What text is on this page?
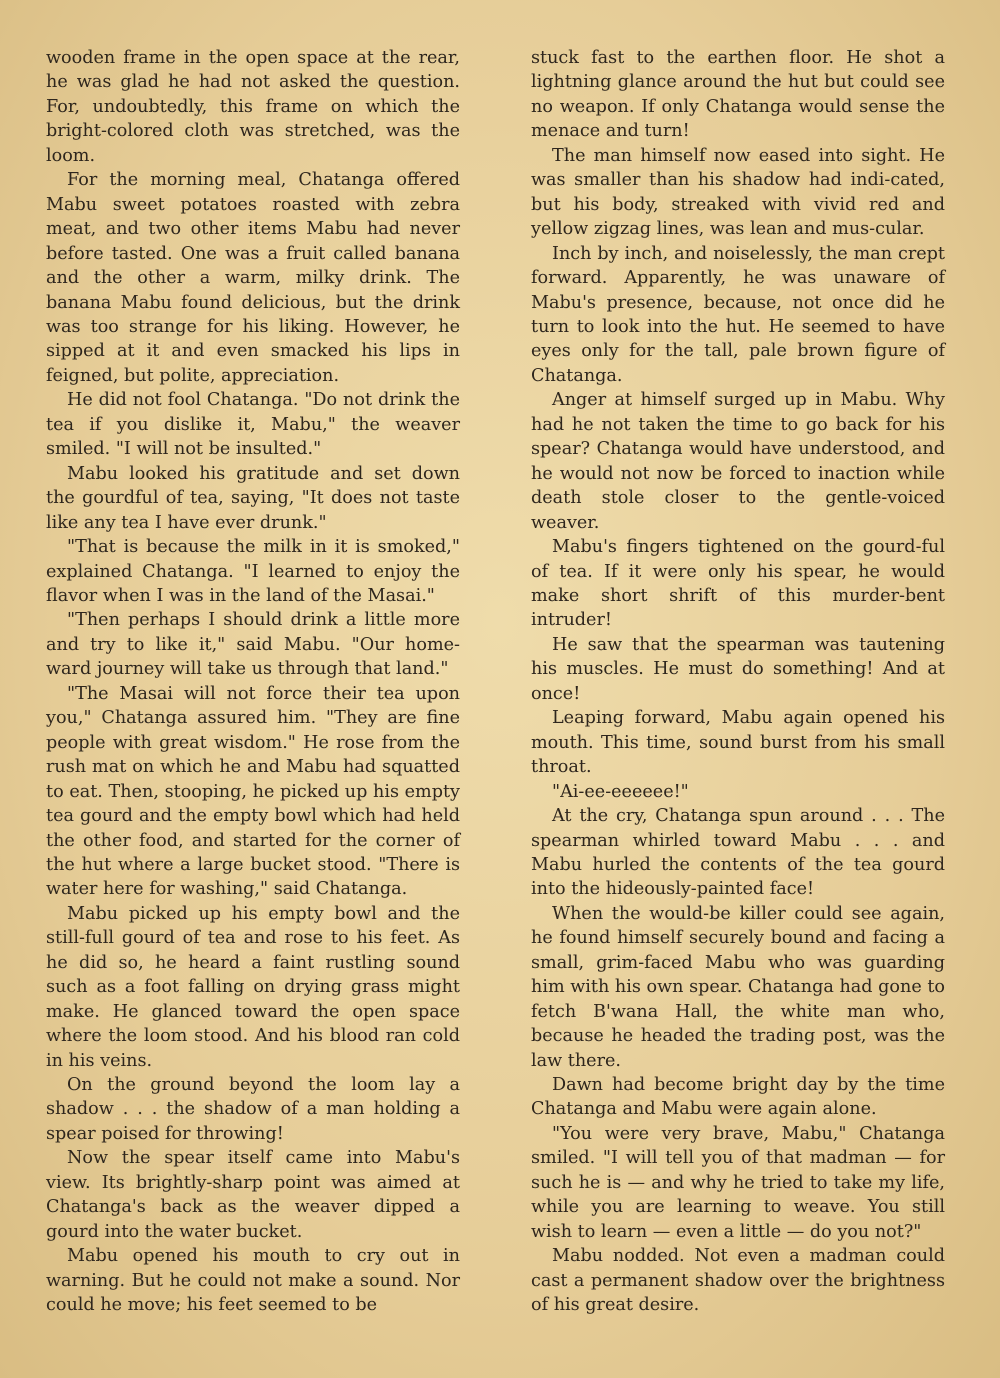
wooden frame in the open space at the rear, he was glad he had not asked the question. For, undoubtedly, this frame on which the bright-colored cloth was stretched, was the loom.

For the morning meal, Chatanga offered Mabu sweet potatoes roasted with zebra meat, and two other items Mabu had never before tasted. One was a fruit called banana and the other a warm, milky drink. The banana Mabu found delicious, but the drink was too strange for his liking. However, he sipped at it and even smacked his lips in feigned, but polite, appreciation.

He did not fool Chatanga. "Do not drink the tea if you dislike it, Mabu," the weaver smiled. "I will not be insulted."

Mabu looked his gratitude and set down the gourdful of tea, saying, "It does not taste like any tea I have ever drunk."

"That is because the milk in it is smoked," explained Chatanga. "I learned to enjoy the flavor when I was in the land of the Masai."

"Then perhaps I should drink a little more and try to like it," said Mabu. "Our home-ward journey will take us through that land."

"The Masai will not force their tea upon you," Chatanga assured him. "They are fine people with great wisdom." He rose from the rush mat on which he and Mabu had squatted to eat. Then, stooping, he picked up his empty tea gourd and the empty bowl which had held the other food, and started for the corner of the hut where a large bucket stood. "There is water here for washing," said Chatanga.

Mabu picked up his empty bowl and the still-full gourd of tea and rose to his feet. As he did so, he heard a faint rustling sound such as a foot falling on drying grass might make. He glanced toward the open space where the loom stood. And his blood ran cold in his veins.

On the ground beyond the loom lay a shadow . . . the shadow of a man holding a spear poised for throwing!

Now the spear itself came into Mabu's view. Its brightly-sharp point was aimed at Chatanga's back as the weaver dipped a gourd into the water bucket.

Mabu opened his mouth to cry out in warning. But he could not make a sound. Nor could he move; his feet seemed to be

stuck fast to the earthen floor. He shot a lightning glance around the hut but could see no weapon. If only Chatanga would sense the menace and turn!

The man himself now eased into sight. He was smaller than his shadow had indi-cated, but his body, streaked with vivid red and yellow zigzag lines, was lean and mus-cular.

Inch by inch, and noiselessly, the man crept forward. Apparently, he was unaware of Mabu's presence, because, not once did he turn to look into the hut. He seemed to have eyes only for the tall, pale brown figure of Chatanga.

Anger at himself surged up in Mabu. Why had he not taken the time to go back for his spear? Chatanga would have understood, and he would not now be forced to inaction while death stole closer to the gentle-voiced weaver.

Mabu's fingers tightened on the gourd-ful of tea. If it were only his spear, he would make short shrift of this murder-bent intruder!

He saw that the spearman was tautening his muscles. He must do something! And at once!

Leaping forward, Mabu again opened his mouth. This time, sound burst from his small throat.

"Ai-ee-eeeeee!"

At the cry, Chatanga spun around . . . The spearman whirled toward Mabu . . . and Mabu hurled the contents of the tea gourd into the hideously-painted face!

When the would-be killer could see again, he found himself securely bound and facing a small, grim-faced Mabu who was guarding him with his own spear. Chatanga had gone to fetch B'wana Hall, the white man who, because he headed the trading post, was the law there.

Dawn had become bright day by the time Chatanga and Mabu were again alone.

"You were very brave, Mabu," Chatanga smiled. "I will tell you of that madman — for such he is — and why he tried to take my life, while you are learning to weave. You still wish to learn — even a little — do you not?"

Mabu nodded. Not even a madman could cast a permanent shadow over the brightness of his great desire.
